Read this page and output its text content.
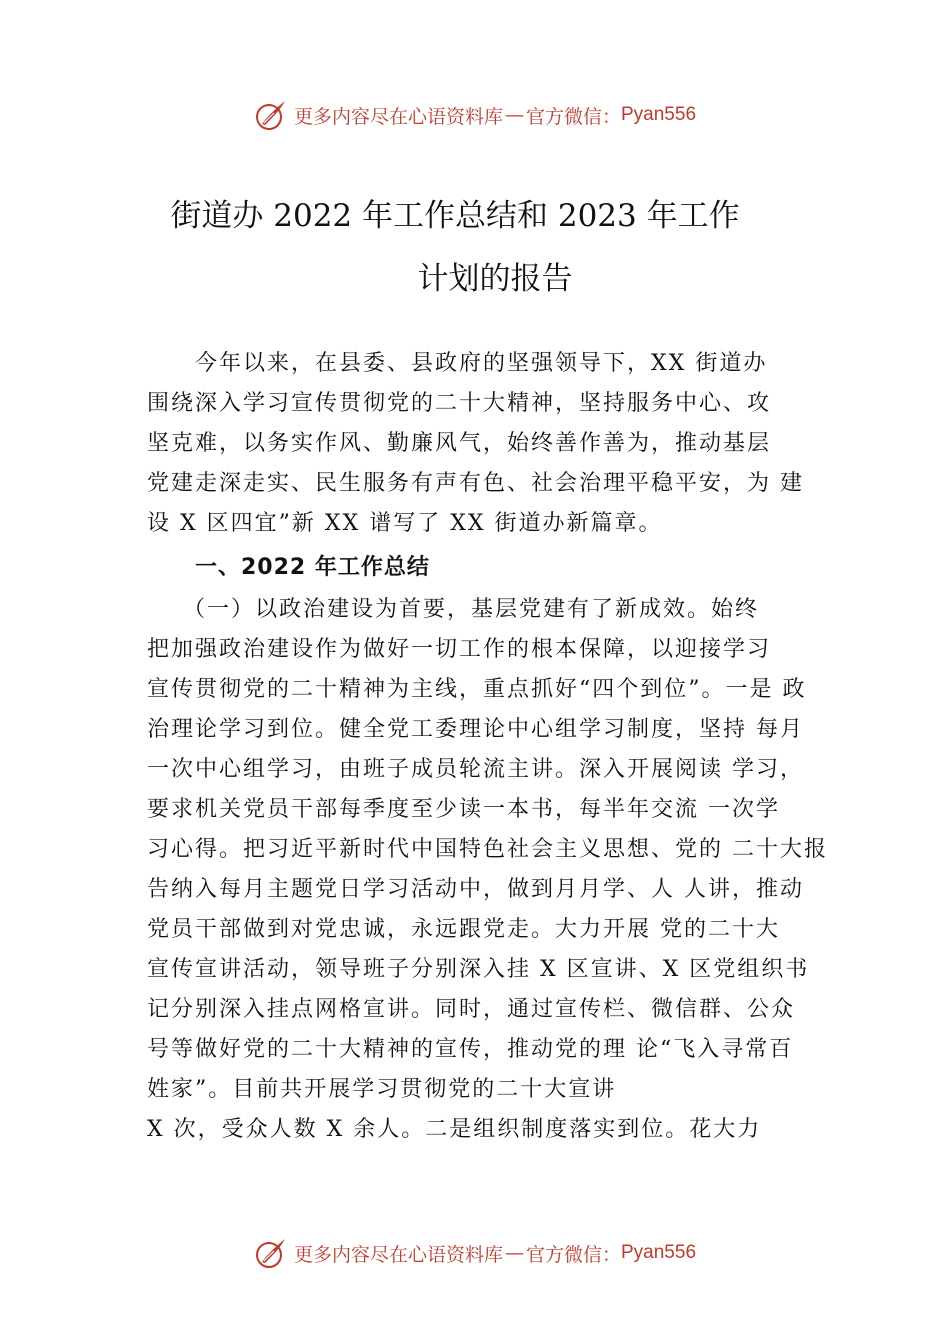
更多内容尽在心语资料库 — 官方微信： Pyan556
街道办 2022 年工作总结和 2023 年工作
计划的报告
今年以来，在县委、县政府的坚强领导下，XX 街道办
围绕深入学习宣传贯彻党的二十大精神，坚持服务中心、攻
坚克难，以务实作风、勤廉风气，始终善作善为，推动基层
党建走深走实、民生服务有声有色、社会治理平稳平安，为 建
设 X 区四宜”新 XX 谱写了 XX 街道办新篇章。
一、2022 年工作总结
（一）以政治建设为首要，基层党建有了新成效。始终
把加强政治建设作为做好一切工作的根本保障，以迎接学习
宣传贯彻党的二十精神为主线，重点抓好“四个到位”。一是 政
治理论学习到位。健全党工委理论中心组学习制度，坚持 每月
一次中心组学习，由班子成员轮流主讲。深入开展阅读 学习，
要求机关党员干部每季度至少读一本书，每半年交流 一次学
习心得。把习近平新时代中国特色社会主义思想、党的 二十大报
告纳入每月主题党日学习活动中，做到月月学、人 人讲，推动
党员干部做到对党忠诚，永远跟党走。大力开展 党的二十大
宣传宣讲活动，领导班子分别深入挂 X 区宣讲、X 区党组织书
记分别深入挂点网格宣讲。同时，通过宣传栏、微信群、公众
号等做好党的二十大精神的宣传，推动党的理 论“飞入寻常百
姓家”。目前共开展学习贯彻党的二十大宣讲
X 次，受众人数 X 余人。二是组织制度落实到位。花大力
更多内容尽在心语资料库 — 官方微信： Pyan556
